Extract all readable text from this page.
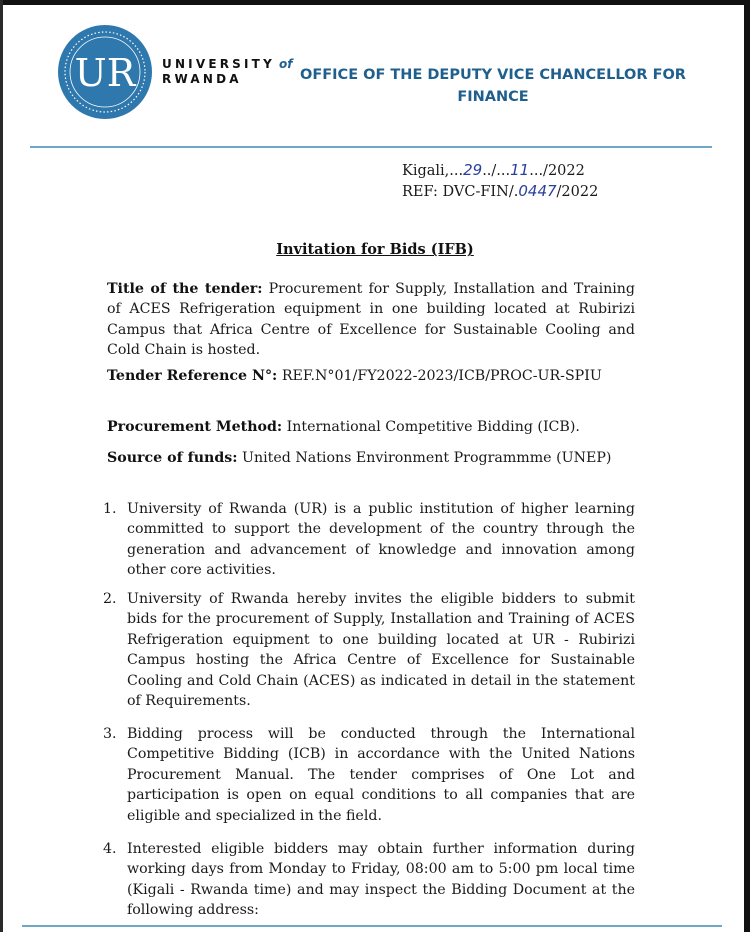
UR UNIVERSITY of
RWANDA	OFFICE OF THE DEPUTY VICE CHANCELLOR FOR
FINANCE
Kigali,...29../...11.../2022
REF: DVC-FIN/.0447/2022
Invitation for Bids (IFB)
Title of the tender: Procurement for Supply, Installation and Training of ACES Refrigeration equipment in one building located at Rubirizi Campus that Africa Centre of Excellence for Sustainable Cooling and Cold Chain is hosted.
Tender Reference N°: REF.N°01/FY2022-2023/ICB/PROC-UR-SPIU
Procurement Method: International Competitive Bidding (ICB).
Source of funds: United Nations Environment Programmme (UNEP)
1. University of Rwanda (UR) is a public institution of higher learning committed to support the development of the country through the generation and advancement of knowledge and innovation among other core activities.
2. University of Rwanda hereby invites the eligible bidders to submit bids for the procurement of Supply, Installation and Training of ACES Refrigeration equipment to one building located at UR - Rubirizi Campus hosting the Africa Centre of Excellence for Sustainable Cooling and Cold Chain (ACES) as indicated in detail in the statement of Requirements.
3. Bidding process will be conducted through the International Competitive Bidding (ICB) in accordance with the United Nations Procurement Manual. The tender comprises of One Lot and participation is open on equal conditions to all companies that are eligible and specialized in the field.
4. Interested eligible bidders may obtain further information during working days from Monday to Friday, 08:00 am to 5:00 pm local time (Kigali - Rwanda time) and may inspect the Bidding Document at the following address:
